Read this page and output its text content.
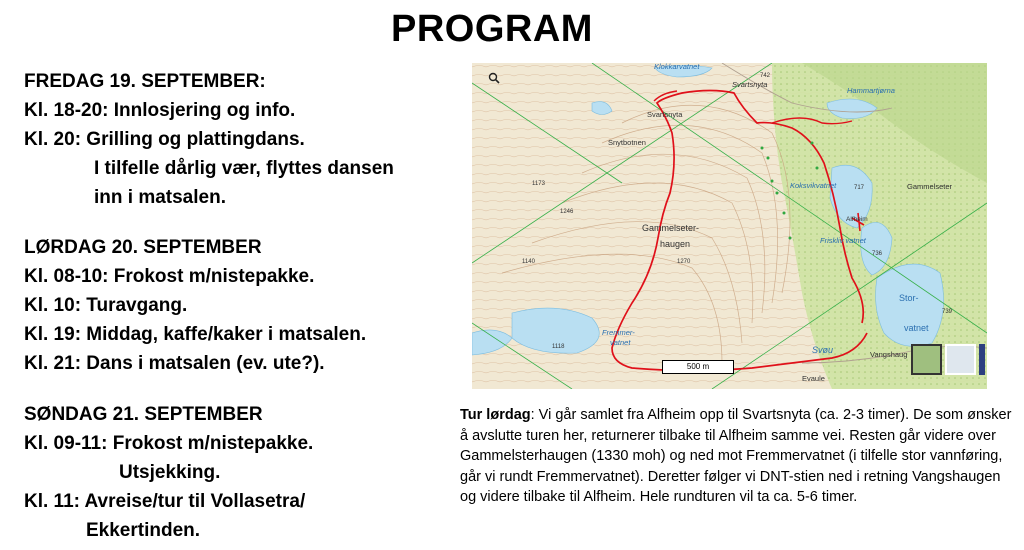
PROGRAM
FREDAG 19. SEPTEMBER:
Kl. 18-20: Innlosjering og info.
Kl. 20: Grilling og plattingdans.
I tilfelle dårlig vær, flyttes dansen
inn i matsalen.
LØRDAG 20. SEPTEMBER
Kl. 08-10: Frokost m/nistepakke.
Kl. 10: Turavgang.
Kl. 19: Middag, kaffe/kaker i matsalen.
Kl. 21: Dans i matsalen (ev. ute?).
SØNDAG 21. SEPTEMBER
Kl. 09-11: Frokost m/nistepakke.
Utsjekking.
Kl. 11: Avreise/tur til Vollasetra/
Ekkertinden.
Klokkarvatnet
Svartsnyta
742
Hammartjørna
Svartsnyta
Snytbotnen
Koksvikvatnet	717	Gammelseter
Alfheim
1173
1246
Gammelseter-
haugen
1270
1140
Friskliv vatnet
736
Stor-
vatnet
739
Fremmer-
vatnet
1118	Svøu	Vangshaug
Evaule
500 m
Tur lørdag: Vi går samlet fra Alfheim opp til Svartsnyta (ca. 2-3 timer). De som ønsker å avslutte turen her, returnerer tilbake til Alfheim samme vei. Resten går videre over Gammelsterhaugen (1330 moh) og ned mot Fremmervatnet (i tilfelle stor vannføring, går vi rundt Fremmervatnet). Deretter følger vi DNT-stien ned i retning Vangshaugen og videre tilbake til Alfheim. Hele rundturen vil ta ca. 5-6 timer.
